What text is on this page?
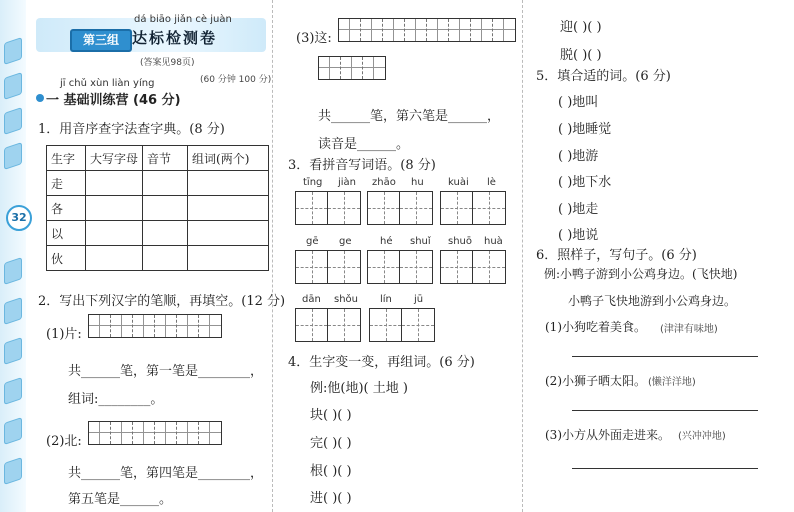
32
第三组
dá biāo jiǎn cè juàn
达标检测卷
(答案见98页)
(60 分钟 100 分)
jī chǔ xùn liàn yíng
一 基础训练营 (46 分)
1．用音序查字法查字典。(8 分)
生字	大写字母	音节	组词(两个)
走			
各			
以			
伙			
2．写出下列汉字的笔顺，再填空。(12 分)
(1)片:
共______笔，第一笔是________，
组词:________。
(2)北:
共______笔，第四笔是________，
第五笔是______。
(3)这:
共______笔，第六笔是______，
读音是______。
3．看拼音写词语。(8 分)
tīng jiàn zhāo hu kuài lè
gē ge	hé shuǐ shuō huà
dān shǒu lín jū
4．生字变一变，再组词。(6 分)
例:他(地)( 土地 )
块( )( )
完( )( )
根( )( )
进( )( )
迎( )( )
脱( )( )
5．填合适的词。(6 分)
( )地叫
( )地睡觉
( )地游
( )地下水
( )地走
( )地说
6．照样子，写句子。(6 分)
例:小鸭子游到小公鸡身边。(飞快地)
小鸭子飞快地游到小公鸡身边。
(1)小狗吃着美食。 (津津有味地)
(2)小狮子晒太阳。 (懒洋洋地)
(3)小方从外面走进来。 (兴冲冲地)
